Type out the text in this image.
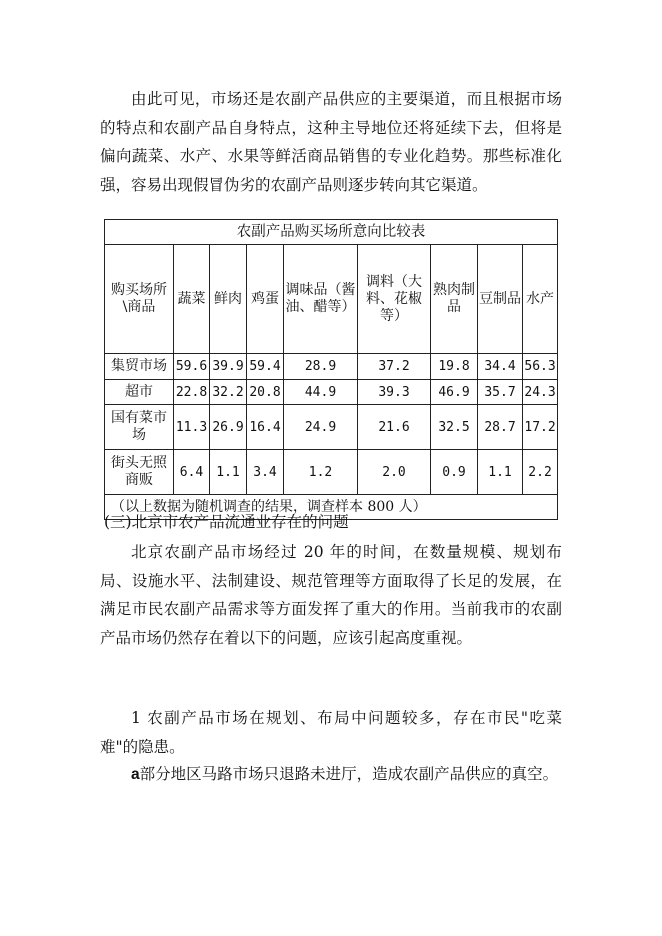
由此可见，市场还是农副产品供应的主要渠道，而且根据市场的特点和农副产品自身特点，这种主导地位还将延续下去，但将是偏向蔬菜、水产、水果等鲜活商品销售的专业化趋势。那些标准化强，容易出现假冒伪劣的农副产品则逐步转向其它渠道。

农副产品购买场所意向比较表								
购买场所\商品	蔬菜	鲜肉	鸡蛋	调味品（酱油、醋等）	调料（大料、花椒等）	熟肉制品	豆制品	水产
集贸市场	59.6	39.9	59.4	28.9	37.2	19.8	34.4	56.3
超市	22.8	32.2	20.8	44.9	39.3	46.9	35.7	24.3
国有菜市场	11.3	26.9	16.4	24.9	21.6	32.5	28.7	17.2
街头无照商贩	6.4	1.1	3.4	1.2	2.0	0.9	1.1	2.2
（以上数据为随机调查的结果，调查样本 800 人）								
(三)北京市农产品流通业存在的问题

北京农副产品市场经过 20 年的时间，在数量规模、规划布局、设施水平、法制建设、规范管理等方面取得了长足的发展，在满足市民农副产品需求等方面发挥了重大的作用。当前我市的农副产品市场仍然存在着以下的问题，应该引起高度重视。

1 农副产品市场在规划、布局中问题较多，存在市民"吃菜难"的隐患。

a部分地区马路市场只退路未进厅，造成农副产品供应的真空。
